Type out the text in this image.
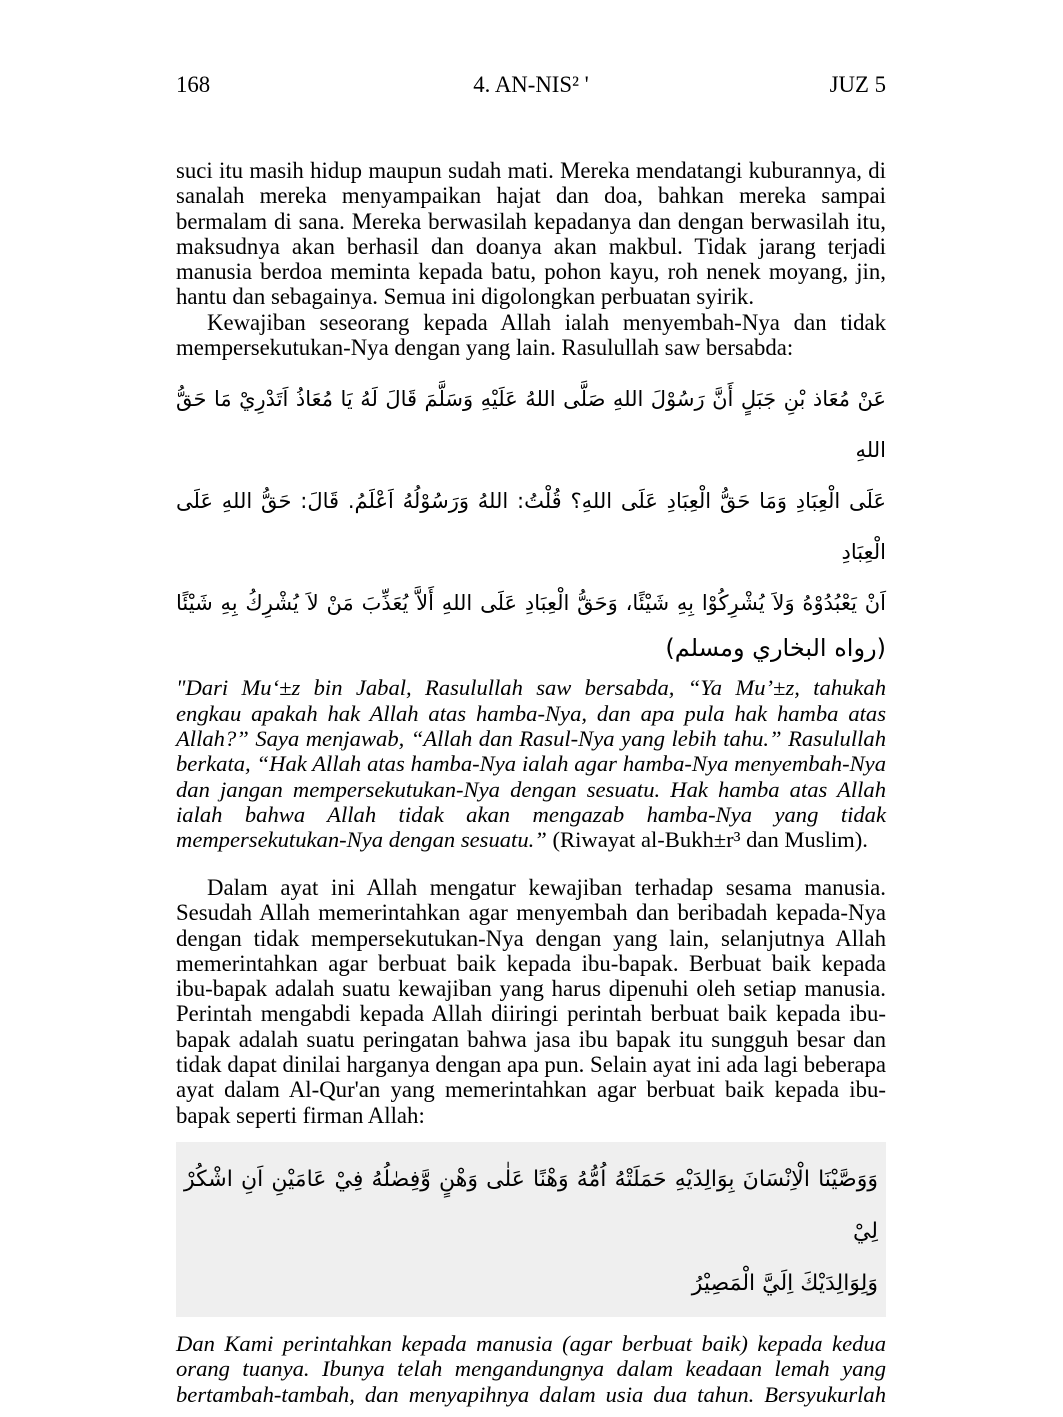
168	4. AN-NIS² '	JUZ 5

suci itu masih hidup maupun sudah mati. Mereka mendatangi kuburannya, di sanalah mereka menyampaikan hajat dan doa, bahkan mereka sampai bermalam di sana. Mereka berwasilah kepadanya dan dengan berwasilah itu, maksudnya akan berhasil dan doanya akan makbul. Tidak jarang terjadi manusia berdoa meminta kepada batu, pohon kayu, roh nenek moyang, jin, hantu dan sebagainya. Semua ini digolongkan perbuatan syirik.

Kewajiban seseorang kepada Allah ialah menyembah-Nya dan tidak mempersekutukan-Nya dengan yang lain. Rasulullah saw bersabda:

عَنْ مُعَاذ بْنِ جَبَلٍ أَنَّ رَسُوْلَ اللهِ صَلَّى اللهُ عَلَيْهِ وَسَلَّمَ قَالَ لَهُ يَا مُعَاذُ اَتَدْرِيْ مَا حَقُّ اللهِ
عَلَى الْعِبَادِ وَمَا حَقُّ الْعِبَادِ عَلَى اللهِ؟ قُلْتُ: اللهُ وَرَسُوْلُهُ اَعْلَمُ. قَالَ: حَقُّ اللهِ عَلَى الْعِبَادِ
اَنْ يَعْبُدُوْهُ وَلاَ يُشْرِكُوْا بِهِ شَيْئًا، وَحَقُّ الْعِبَادِ عَلَى اللهِ أَلاَّ يُعَذِّبَ مَنْ لاَ يُشْرِكُ بِهِ شَيْئًا
(رواه البخاري ومسلم)

"Dari Mu‘±z bin Jabal, Rasulullah saw bersabda, “Ya Mu’±z, tahukah engkau apakah hak Allah atas hamba-Nya, dan apa pula hak hamba atas Allah?” Saya menjawab, “Allah dan Rasul-Nya yang lebih tahu.” Rasulullah berkata, “Hak Allah atas hamba-Nya ialah agar hamba-Nya menyembah-Nya dan jangan mempersekutukan-Nya dengan sesuatu. Hak hamba atas Allah ialah bahwa Allah tidak akan mengazab hamba-Nya yang tidak mempersekutukan-Nya dengan sesuatu.” (Riwayat al-Bukh±r³ dan Muslim).

Dalam ayat ini Allah mengatur kewajiban terhadap sesama manusia. Sesudah Allah memerintahkan agar menyembah dan beribadah kepada-Nya dengan tidak mempersekutukan-Nya dengan yang lain, selanjutnya Allah memerintahkan agar berbuat baik kepada ibu-bapak. Berbuat baik kepada ibu-bapak adalah suatu kewajiban yang harus dipenuhi oleh setiap manusia. Perintah mengabdi kepada Allah diiringi perintah berbuat baik kepada ibu-bapak adalah suatu peringatan bahwa jasa ibu bapak itu sungguh besar dan tidak dapat dinilai harganya dengan apa pun. Selain ayat ini ada lagi beberapa ayat dalam Al-Qur'an yang memerintahkan agar berbuat baik kepada ibu-bapak seperti firman Allah:

وَوَصَّيْنَا الْاِنْسَانَ بِوَالِدَيْهِ حَمَلَتْهُ اُمُّهُ وَهْنًا عَلٰى وَهْنٍ وَّفِصٰلُهُ فِيْ عَامَيْنِ اَنِ اشْكُرْ لِيْ
وَلِوَالِدَيْكَ اِلَيَّ الْمَصِيْرُ

Dan Kami perintahkan kepada manusia (agar berbuat baik) kepada kedua orang tuanya. Ibunya telah mengandungnya dalam keadaan lemah yang bertambah-tambah, dan menyapihnya dalam usia dua tahun. Bersyukurlah
